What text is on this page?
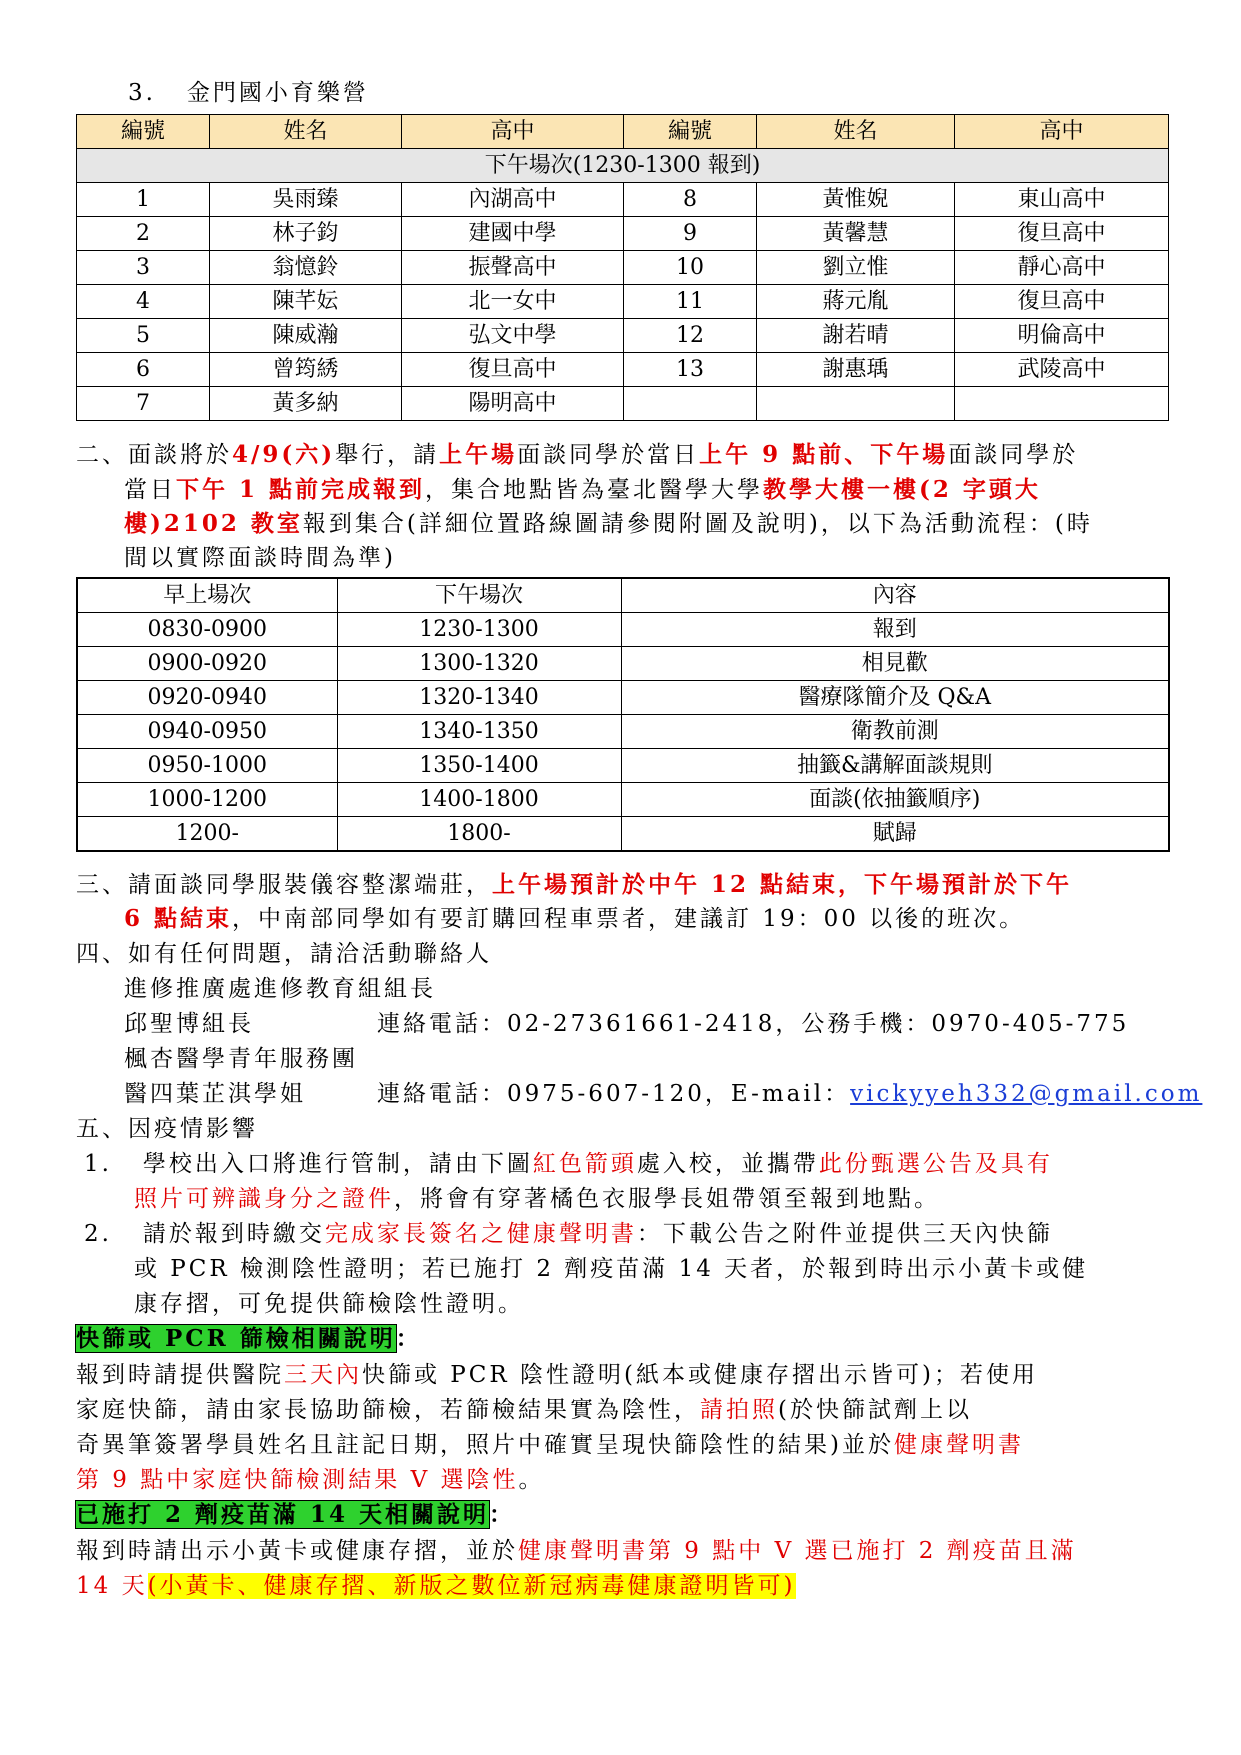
3. 金門國小育樂營
編號	姓名	高中	編號	姓名	高中
下午場次(1230-1300 報到)					
1	吳雨臻	內湖高中	8	黃惟婗	東山高中
2	林子鈞	建國中學	9	黃馨慧	復旦高中
3	翁憶鈴	振聲高中	10	劉立惟	靜心高中
4	陳芊妘	北一女中	11	蔣元胤	復旦高中
5	陳威瀚	弘文中學	12	謝若晴	明倫高中
6	曾筠綉	復旦高中	13	謝惠瑀	武陵高中
7	黃多納	陽明高中			
二、面談將於4/9(六)舉行，請上午場面談同學於當日上午 9 點前、下午場面談同學於
當日下午 1 點前完成報到，集合地點皆為臺北醫學大學教學大樓一樓(2 字頭大
樓)2102 教室報到集合(詳細位置路線圖請參閱附圖及說明)，以下為活動流程：(時
間以實際面談時間為準)
早上場次	下午場次	內容
0830-0900	1230-1300	報到
0900-0920	1300-1320	相見歡
0920-0940	1320-1340	醫療隊簡介及 Q&A
0940-0950	1340-1350	衛教前測
0950-1000	1350-1400	抽籤&講解面談規則
1000-1200	1400-1800	面談(依抽籤順序)
1200-	1800-	賦歸
三、請面談同學服裝儀容整潔端莊，上午場預計於中午 12 點結束，下午場預計於下午
6 點結束，中南部同學如有要訂購回程車票者，建議訂 19：00 以後的班次。
四、如有任何問題，請洽活動聯絡人
進修推廣處進修教育組組長
邱聖博組長	連絡電話：02-27361661-2418，公務手機：0970-405-775
楓杏醫學青年服務團
醫四葉芷淇學姐	連絡電話：0975-607-120，E-mail：vickyyeh332@gmail.com
五、因疫情影響
1. 學校出入口將進行管制，請由下圖紅色箭頭處入校，並攜帶此份甄選公告及具有
照片可辨識身分之證件，將會有穿著橘色衣服學長姐帶領至報到地點。
2. 請於報到時繳交完成家長簽名之健康聲明書：下載公告之附件並提供三天內快篩
或 PCR 檢測陰性證明；若已施打 2 劑疫苗滿 14 天者，於報到時出示小黃卡或健
康存摺，可免提供篩檢陰性證明。
快篩或 PCR 篩檢相關說明：
報到時請提供醫院三天內快篩或 PCR 陰性證明(紙本或健康存摺出示皆可)；若使用
家庭快篩，請由家長協助篩檢，若篩檢結果實為陰性，請拍照(於快篩試劑上以
奇異筆簽署學員姓名且註記日期，照片中確實呈現快篩陰性的結果)並於健康聲明書
第 9 點中家庭快篩檢測結果 V 選陰性。
已施打 2 劑疫苗滿 14 天相關說明：
報到時請出示小黃卡或健康存摺，並於健康聲明書第 9 點中 V 選已施打 2 劑疫苗且滿
14 天(小黃卡、健康存摺、新版之數位新冠病毒健康證明皆可)
